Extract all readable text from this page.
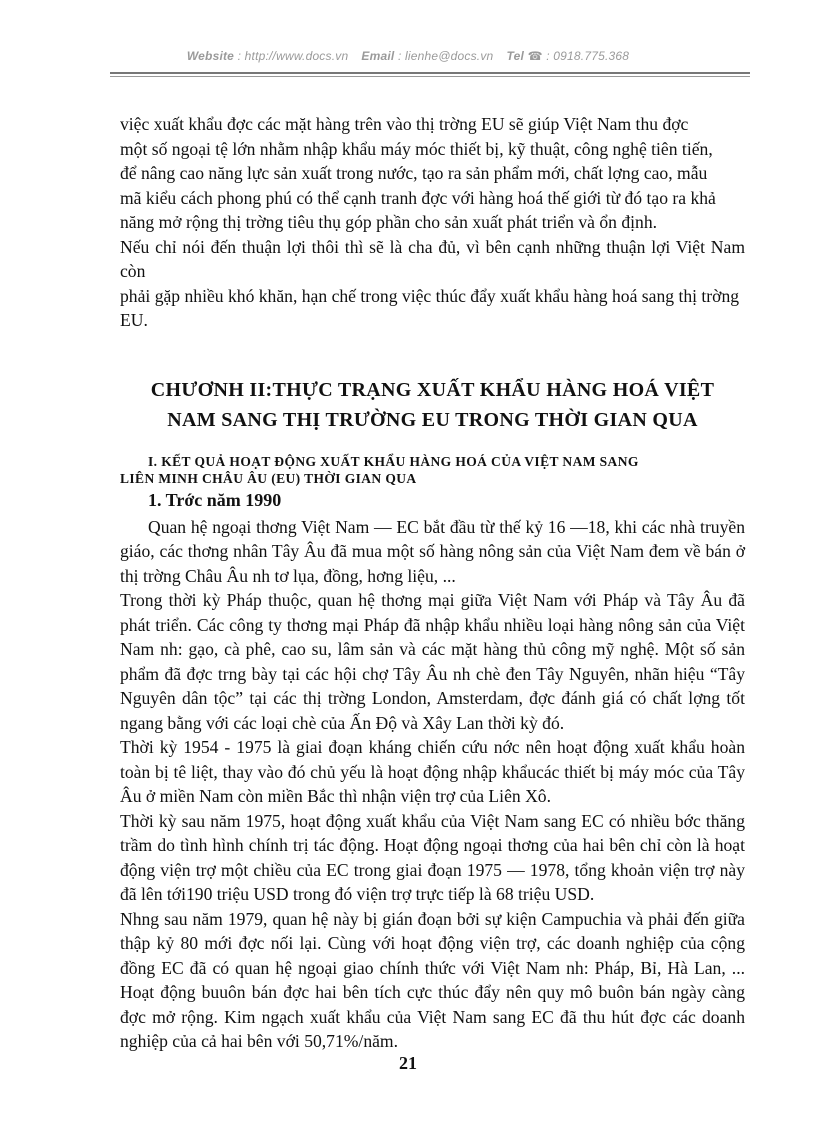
Website : http://www.docs.vn Email : lienhe@docs.vn Tel ☎ : 0918.775.368

việc xuất khẩu đợc các mặt hàng trên vào thị trờng EU sẽ giúp Việt Nam thu đợc

một số ngoại tệ lớn nhằm nhập khẩu máy móc thiết bị, kỹ thuật, công nghệ tiên tiến,

để nâng cao năng lực sản xuất trong nước, tạo ra sản phẩm mới, chất lợng cao, mẫu

mã kiểu cách phong phú có thể cạnh tranh đợc với hàng hoá thế giới từ đó tạo ra khả

năng mở rộng thị trờng tiêu thụ góp phần cho sản xuất phát triển và ổn định.

Nếu chỉ nói đến thuận lợi thôi thì sẽ là cha đủ, vì bên cạnh những thuận lợi Việt Nam còn

phải gặp nhiều khó khăn, hạn chế trong việc thúc đẩy xuất khẩu hàng hoá sang thị trờng

EU.

CHƯƠNH II:THỰC TRẠNG XUẤT KHẨU HÀNG HOÁ VIỆT
NAM SANG THỊ TRƯỜNG EU TRONG THỜI GIAN QUA
I. KẾT QUẢ HOẠT ĐỘNG XUẤT KHẨU HÀNG HOÁ CỦA VIỆT NAM SANG
LIÊN MINH CHÂU ÂU (EU) THỜI GIAN QUA
1. Trớc năm 1990

Quan hệ ngoại thơng Việt Nam — EC bắt đầu từ thế kỷ 16 —18, khi các nhà truyền giáo, các thơng nhân Tây Âu đã mua một số hàng nông sản của Việt Nam đem về bán ở thị trờng Châu Âu nh tơ lụa, đồng, hơng liệu, ...

Trong thời kỳ Pháp thuộc, quan hệ thơng mại giữa Việt Nam với Pháp và Tây Âu đã phát triển. Các công ty thơng mại Pháp đã nhập khẩu nhiều loại hàng nông sản của Việt Nam nh: gạo, cà phê, cao su, lâm sản và các mặt hàng thủ công mỹ nghệ. Một số sản phẩm đã đợc trng bày tại các hội chợ Tây Âu nh chè đen Tây Nguyên, nhãn hiệu “Tây Nguyên dân tộc” tại các thị trờng London, Amsterdam, đợc đánh giá có chất lợng tốt ngang bằng với các loại chè của Ấn Độ và Xây Lan thời kỳ đó.

Thời kỳ 1954 - 1975 là giai đoạn kháng chiến cứu nớc nên hoạt động xuất khẩu hoàn toàn bị tê liệt, thay vào đó chủ yếu là hoạt động nhập khẩucác thiết bị máy móc của Tây Âu ở miền Nam còn miền Bắc thì nhận viện trợ của Liên Xô.

Thời kỳ sau năm 1975, hoạt động xuất khẩu của Việt Nam sang EC có nhiều bớc thăng trầm do tình hình chính trị tác động. Hoạt động ngoại thơng của hai bên chỉ còn là hoạt động viện trợ một chiều của EC trong giai đoạn 1975 — 1978, tổng khoản viện trợ này đã lên tới190 triệu USD trong đó viện trợ trực tiếp là 68 triệu USD.

Nhng sau năm 1979, quan hệ này bị gián đoạn bởi sự kiện Campuchia và phải đến giữa thập kỷ 80 mới đợc nối lại. Cùng với hoạt động viện trợ, các doanh nghiệp của cộng đồng EC đã có quan hệ ngoại giao chính thức với Việt Nam nh: Pháp, Bỉ, Hà Lan, ... Hoạt động buuôn bán đợc hai bên tích cực thúc đẩy nên quy mô buôn bán ngày càng đợc mở rộng. Kim ngạch xuất khẩu của Việt Nam sang EC đã thu hút đợc các doanh nghiệp của cả hai bên với 50,71%/năm.

21
